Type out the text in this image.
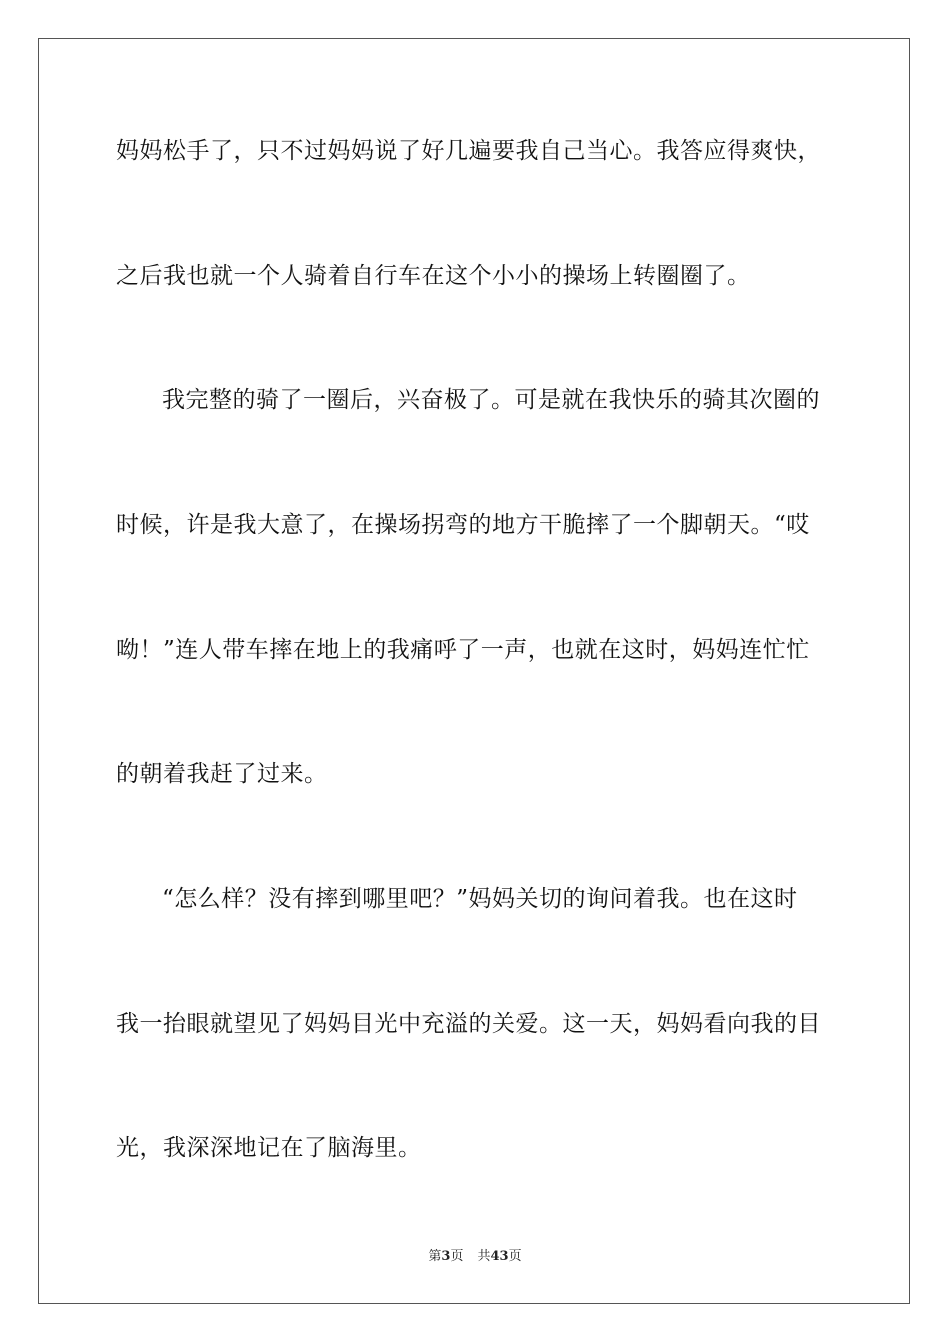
妈妈松手了，只不过妈妈说了好几遍要我自己当心。我答应得爽快，
之后我也就一个人骑着自行车在这个小小的操场上转圈圈了。
我完整的骑了一圈后，兴奋极了。可是就在我快乐的骑其次圈的
时候，许是我大意了，在操场拐弯的地方干脆摔了一个脚朝天。“哎
呦！”连人带车摔在地上的我痛呼了一声，也就在这时，妈妈连忙忙
的朝着我赶了过来。
“怎么样？没有摔到哪里吧？”妈妈关切的询问着我。也在这时
我一抬眼就望见了妈妈目光中充溢的关爱。这一天，妈妈看向我的目
光，我深深地记在了脑海里。
第3页 共43页
